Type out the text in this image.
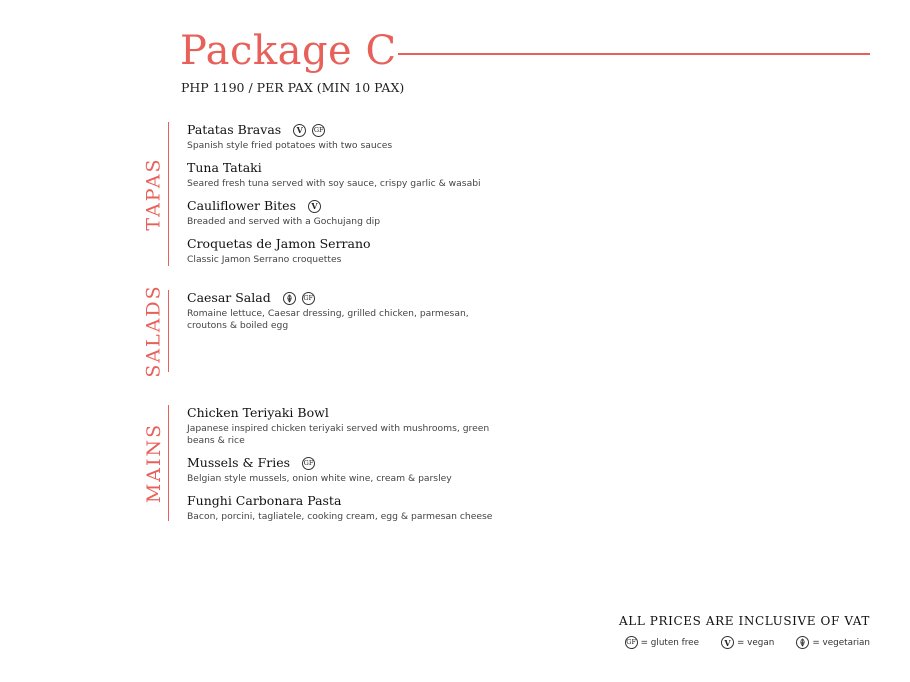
Package C
PHP 1190 / PER PAX (MIN 10 PAX)
TAPAS
Patatas Bravas	V	GF
Spanish style fried potatoes with two sauces
Tuna Tataki
Seared fresh tuna served with soy sauce, crispy garlic & wasabi
Cauliflower Bites	V
Breaded and served with a Gochujang dip
Croquetas de Jamon Serrano
Classic Jamon Serrano croquettes
SALADS Caesar Salad	GF
Romaine lettuce, Caesar dressing, grilled chicken, parmesan, croutons & boiled egg
MAINS
Chicken Teriyaki Bowl
Japanese inspired chicken teriyaki served with mushrooms, green beans & rice
Mussels & Fries GF
Belgian style mussels, onion white wine, cream & parsley
Funghi Carbonara Pasta
Bacon, porcini, tagliatele, cooking cream, egg & parmesan cheese
ALL PRICES ARE INCLUSIVE OF VAT
GF = gluten free	V = vegan	= vegetarian
